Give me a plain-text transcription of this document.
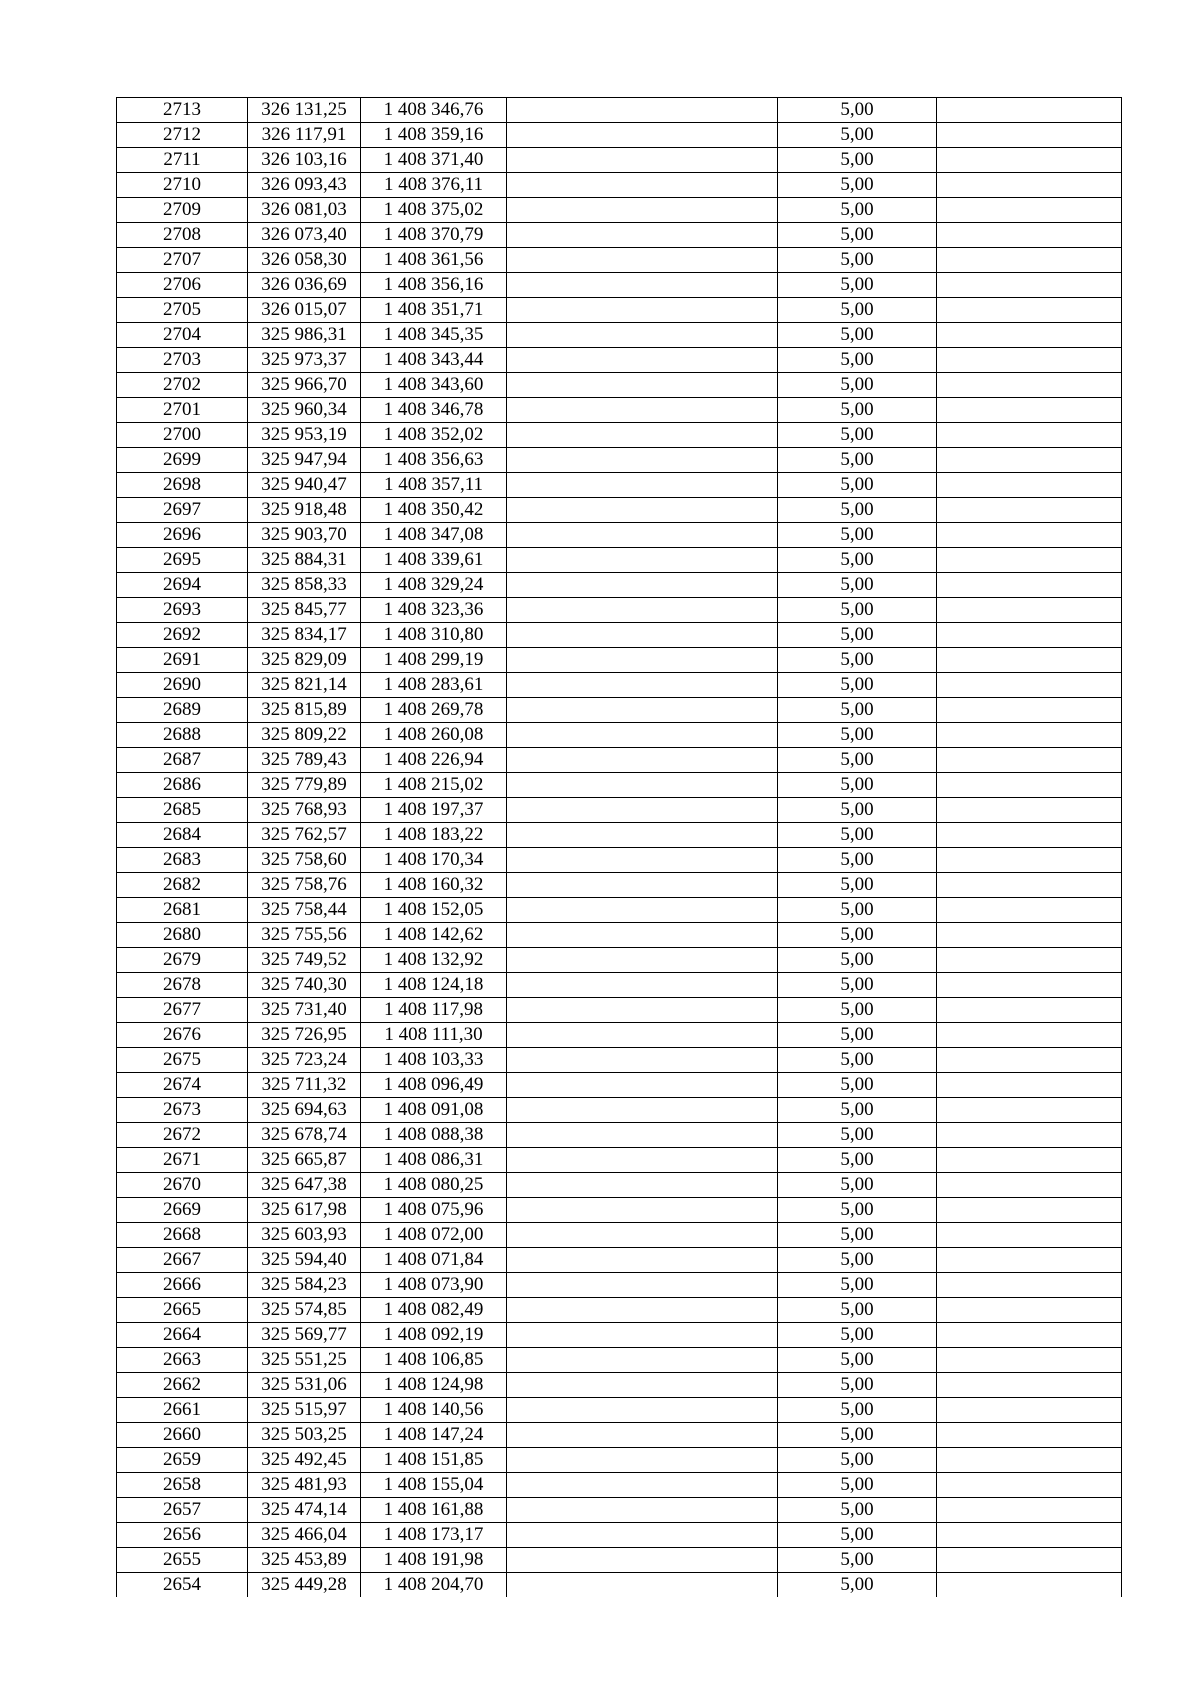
2713	326 131,25	1 408 346,76		5,00	
2712	326 117,91	1 408 359,16		5,00	
2711	326 103,16	1 408 371,40		5,00	
2710	326 093,43	1 408 376,11		5,00	
2709	326 081,03	1 408 375,02		5,00	
2708	326 073,40	1 408 370,79		5,00	
2707	326 058,30	1 408 361,56		5,00	
2706	326 036,69	1 408 356,16		5,00	
2705	326 015,07	1 408 351,71		5,00	
2704	325 986,31	1 408 345,35		5,00	
2703	325 973,37	1 408 343,44		5,00	
2702	325 966,70	1 408 343,60		5,00	
2701	325 960,34	1 408 346,78		5,00	
2700	325 953,19	1 408 352,02		5,00	
2699	325 947,94	1 408 356,63		5,00	
2698	325 940,47	1 408 357,11		5,00	
2697	325 918,48	1 408 350,42		5,00	
2696	325 903,70	1 408 347,08		5,00	
2695	325 884,31	1 408 339,61		5,00	
2694	325 858,33	1 408 329,24		5,00	
2693	325 845,77	1 408 323,36		5,00	
2692	325 834,17	1 408 310,80		5,00	
2691	325 829,09	1 408 299,19		5,00	
2690	325 821,14	1 408 283,61		5,00	
2689	325 815,89	1 408 269,78		5,00	
2688	325 809,22	1 408 260,08		5,00	
2687	325 789,43	1 408 226,94		5,00	
2686	325 779,89	1 408 215,02		5,00	
2685	325 768,93	1 408 197,37		5,00	
2684	325 762,57	1 408 183,22		5,00	
2683	325 758,60	1 408 170,34		5,00	
2682	325 758,76	1 408 160,32		5,00	
2681	325 758,44	1 408 152,05		5,00	
2680	325 755,56	1 408 142,62		5,00	
2679	325 749,52	1 408 132,92		5,00	
2678	325 740,30	1 408 124,18		5,00	
2677	325 731,40	1 408 117,98		5,00	
2676	325 726,95	1 408 111,30		5,00	
2675	325 723,24	1 408 103,33		5,00	
2674	325 711,32	1 408 096,49		5,00	
2673	325 694,63	1 408 091,08		5,00	
2672	325 678,74	1 408 088,38		5,00	
2671	325 665,87	1 408 086,31		5,00	
2670	325 647,38	1 408 080,25		5,00	
2669	325 617,98	1 408 075,96		5,00	
2668	325 603,93	1 408 072,00		5,00	
2667	325 594,40	1 408 071,84		5,00	
2666	325 584,23	1 408 073,90		5,00	
2665	325 574,85	1 408 082,49		5,00	
2664	325 569,77	1 408 092,19		5,00	
2663	325 551,25	1 408 106,85		5,00	
2662	325 531,06	1 408 124,98		5,00	
2661	325 515,97	1 408 140,56		5,00	
2660	325 503,25	1 408 147,24		5,00	
2659	325 492,45	1 408 151,85		5,00	
2658	325 481,93	1 408 155,04		5,00	
2657	325 474,14	1 408 161,88		5,00	
2656	325 466,04	1 408 173,17		5,00	
2655	325 453,89	1 408 191,98		5,00	
2654	325 449,28	1 408 204,70		5,00	
